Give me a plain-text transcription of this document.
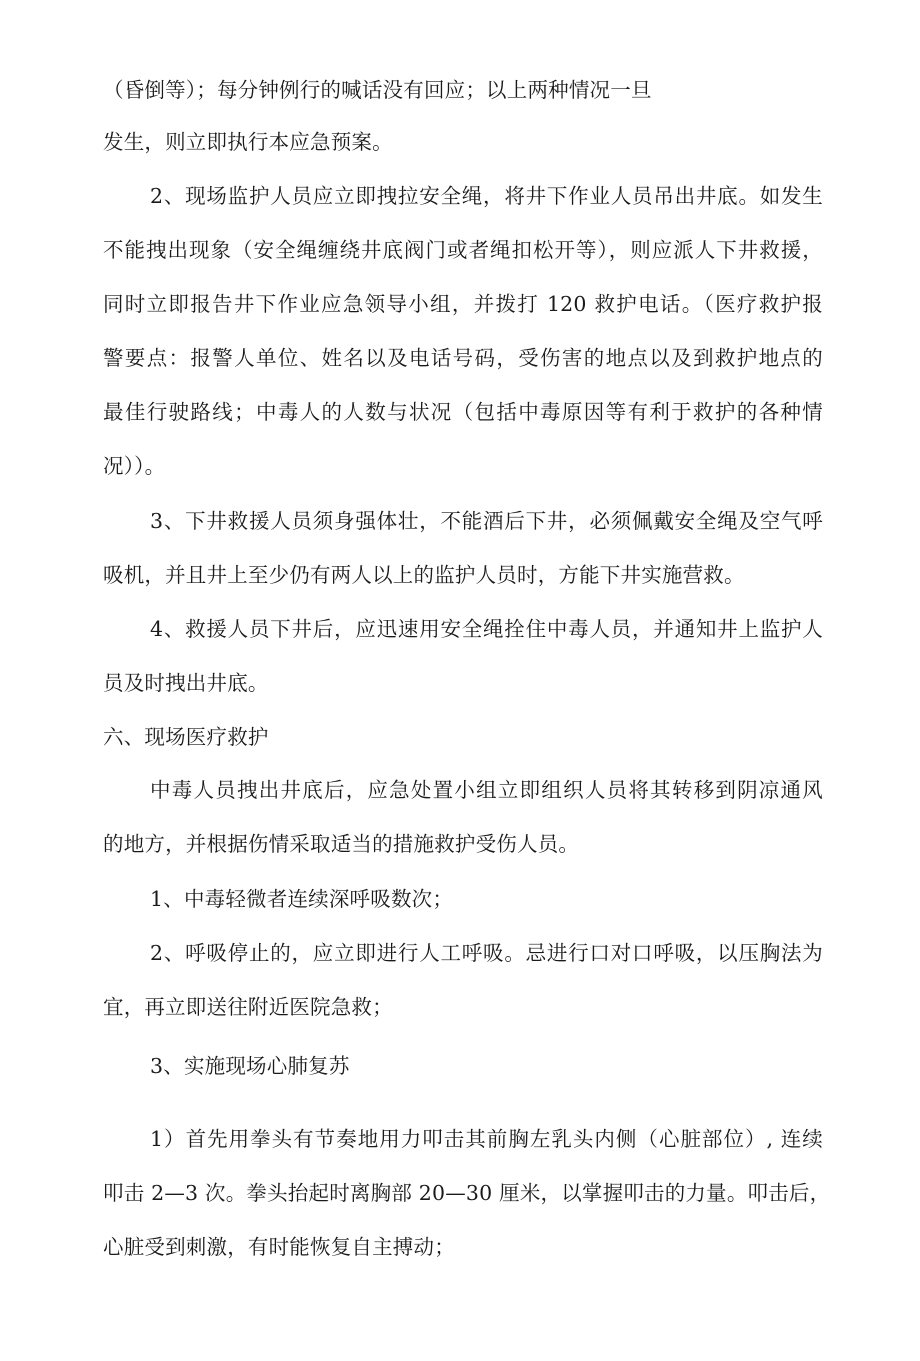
（昏倒等）；每分钟例行的喊话没有回应；以上两种情况一旦
发生，则立即执行本应急预案。
2、现场监护人员应立即拽拉安全绳，将井下作业人员吊出井底。如发生
不能拽出现象（安全绳缠绕井底阀门或者绳扣松开等），则应派人下井救援，
同时立即报告井下作业应急领导小组，并拨打 120 救护电话。（医疗救护报
警要点：报警人单位、姓名以及电话号码，受伤害的地点以及到救护地点的
最佳行驶路线；中毒人的人数与状况（包括中毒原因等有利于救护的各种情
况））。
3、下井救援人员须身强体壮，不能酒后下井，必须佩戴安全绳及空气呼
吸机，并且井上至少仍有两人以上的监护人员时，方能下井实施营救。
4、救援人员下井后，应迅速用安全绳拴住中毒人员，并通知井上监护人
员及时拽出井底。
六、现场医疗救护
中毒人员拽出井底后，应急处置小组立即组织人员将其转移到阴凉通风
的地方，并根据伤情采取适当的措施救护受伤人员。
1、中毒轻微者连续深呼吸数次；
2、呼吸停止的，应立即进行人工呼吸。忌进行口对口呼吸，以压胸法为
宜，再立即送往附近医院急救；
3、实施现场心肺复苏
1）首先用拳头有节奏地用力叩击其前胸左乳头内侧（心脏部位）, 连续
叩击 2—3 次。拳头抬起时离胸部 20—30 厘米，以掌握叩击的力量。叩击后，
心脏受到刺激，有时能恢复自主搏动；
